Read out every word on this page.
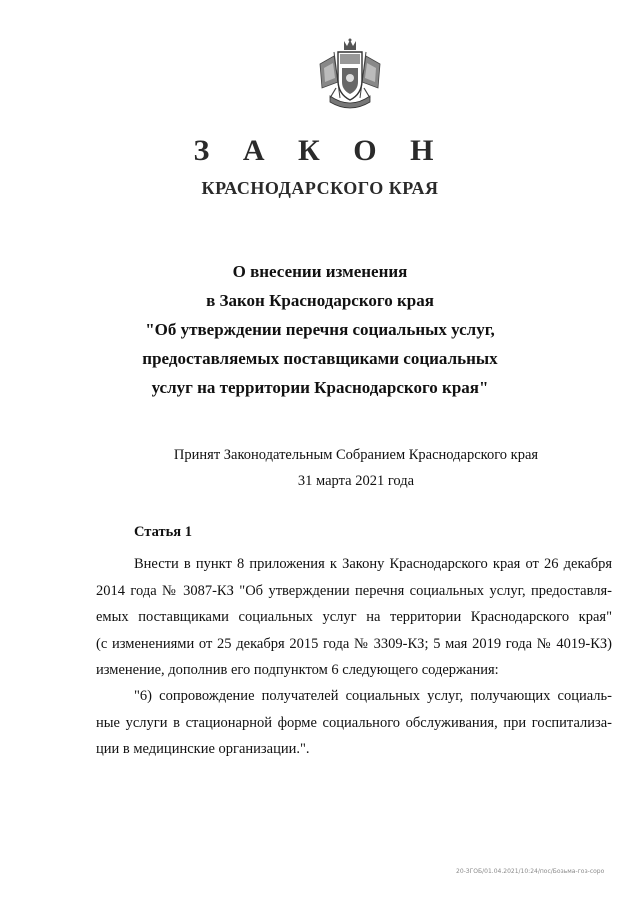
З А К О Н
КРАСНОДАРСКОГО КРАЯ
О внесении изменения
в Закон Краснодарского края
"Об утверждении перечня социальных услуг,
предоставляемых поставщиками социальных
услуг на территории Краснодарского края"
Принят Законодательным Собранием Краснодарского края
31 марта 2021 года
Статья 1
Внести в пункт 8 приложения к Закону Краснодарского края от 26 декабря
2014 года № 3087-КЗ "Об утверждении перечня социальных услуг, предоставля-
емых поставщиками социальных услуг на территории Краснодарского края"
(с изменениями от 25 декабря 2015 года № 3309-КЗ; 5 мая 2019 года № 4019-КЗ)
изменение, дополнив его подпунктом 6 следующего содержания:
"6) сопровождение получателей социальных услуг, получающих социаль-
ные услуги в стационарной форме социального обслуживания, при госпитализа-
ции в медицинские организации.".
20-ЗГОБ/01.04.2021/10:24/пос/Бозьма-гоз-соро
